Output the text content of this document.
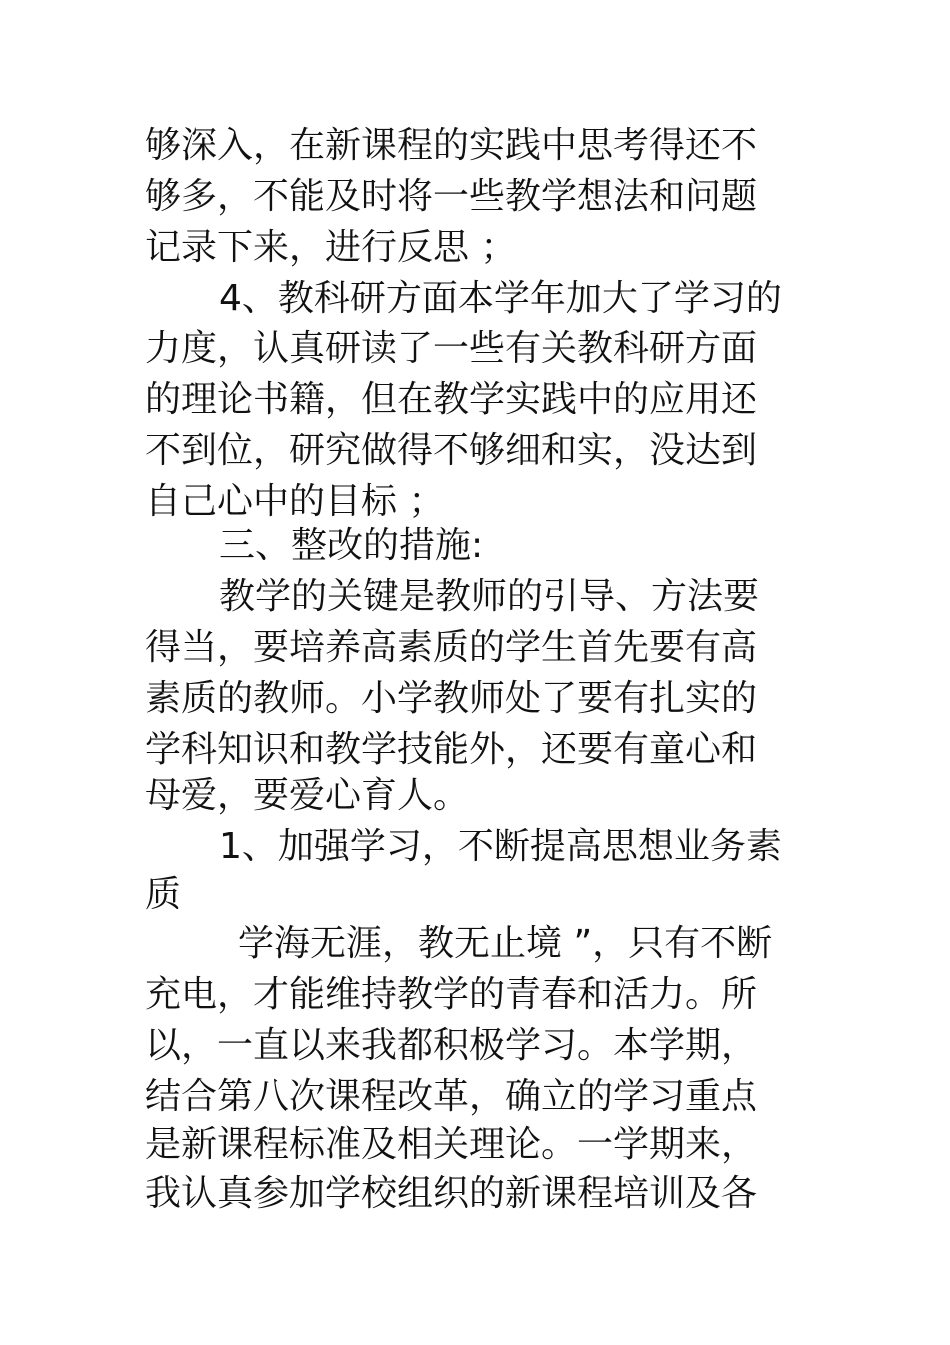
够深入，在新课程的实践中思考得还不
够多，不能及时将一些教学想法和问题
记录下来，进行反思 ；
4、教科研方面本学年加大了学习的
力度，认真研读了一些有关教科研方面
的理论书籍，但在教学实践中的应用还
不到位，研究做得不够细和实，没达到
自己心中的目标 ；
三、整改的措施:
教学的关键是教师的引导、方法要
得当，要培养高素质的学生首先要有高
素质的教师。小学教师处了要有扎实的
学科知识和教学技能外，还要有童心和
母爱，要爱心育人。
1、加强学习，不断提高思想业务素
质
学海无涯，教无止境 ”，只有不断
充电，才能维持教学的青春和活力。所
以，一直以来我都积极学习。本学期，
结合第八次课程改革，确立的学习重点
是新课程标准及相关理论。一学期来，
我认真参加学校组织的新课程培训及各
